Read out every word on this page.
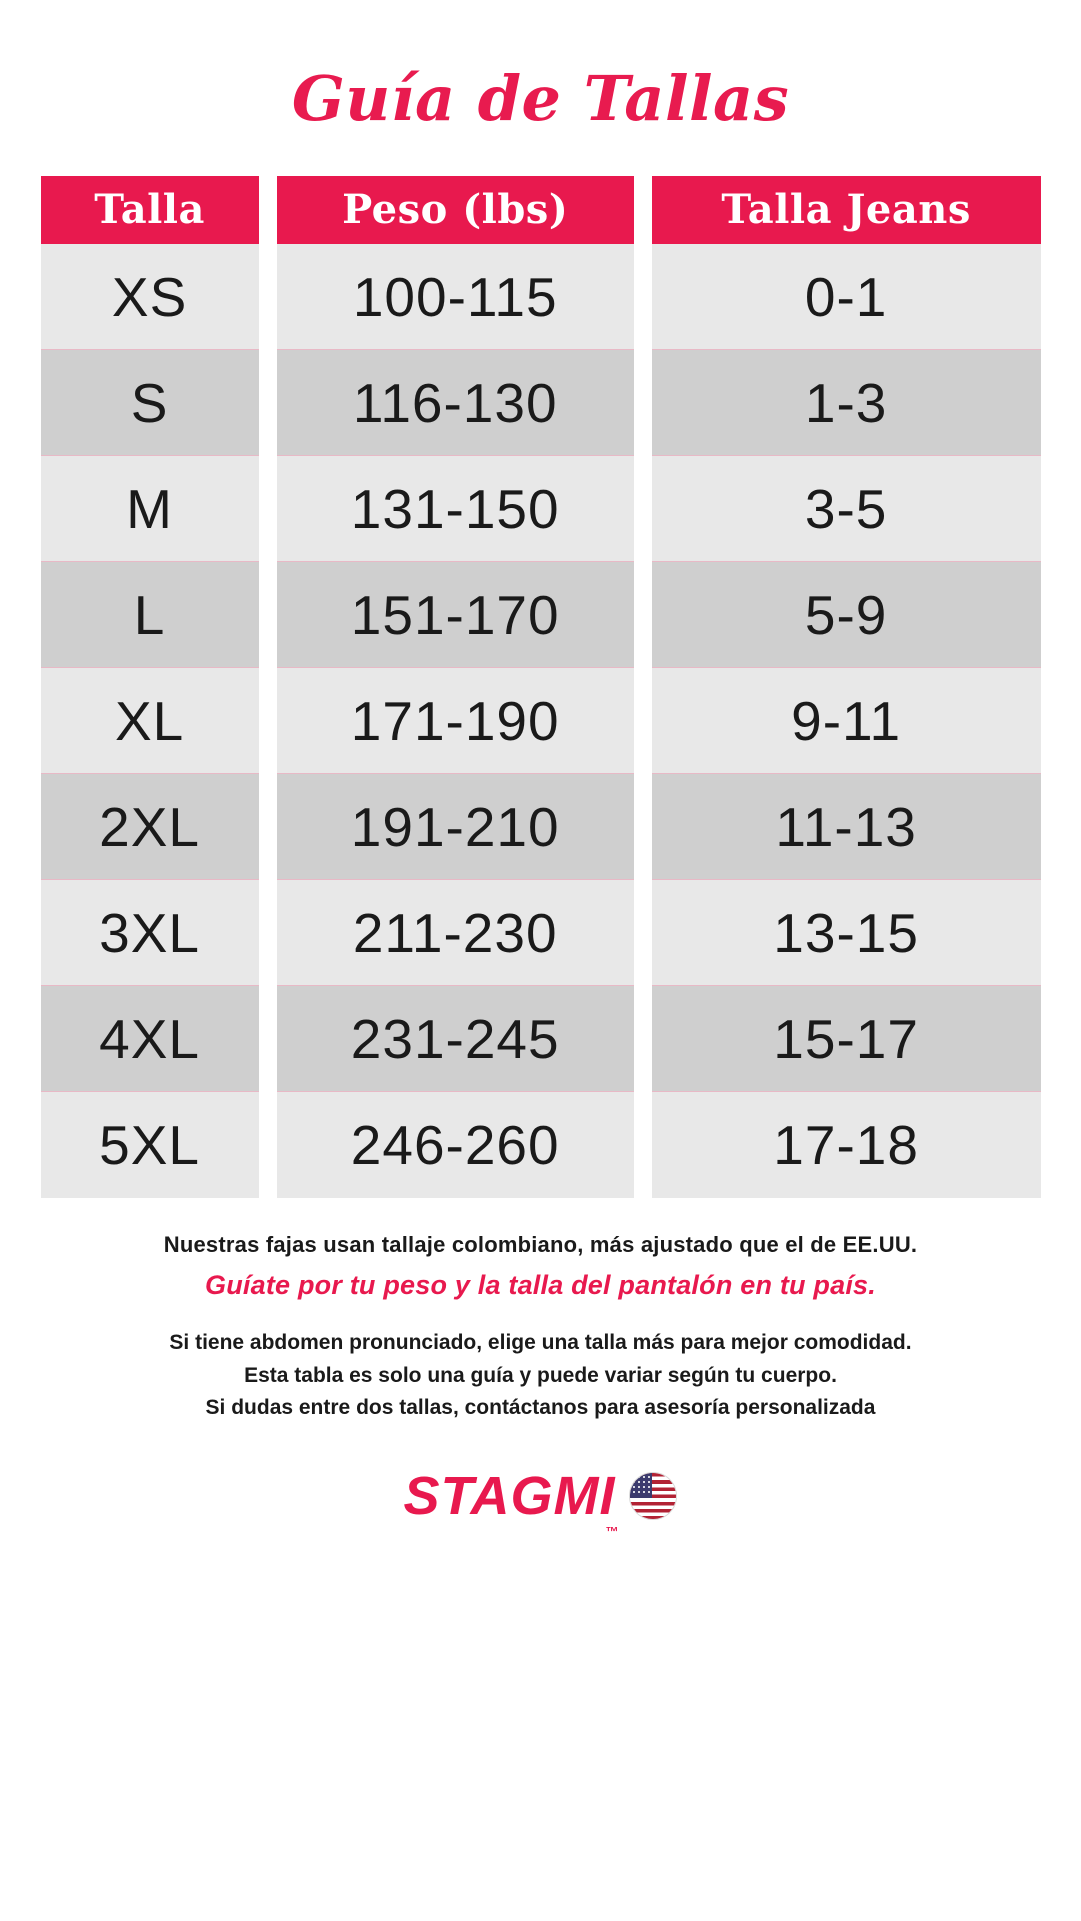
Guía de Tallas
Talla
XS
S
M
L
XL
2XL
3XL
4XL
5XL
Peso (lbs)
100-115
116-130
131-150
151-170
171-190
191-210
211-230
231-245
246-260
Talla Jeans
0-1
1-3
3-5
5-9
9-11
11-13
13-15
15-17
17-18
Nuestras fajas usan tallaje colombiano, más ajustado que el de EE.UU.
Guíate por tu peso y la talla del pantalón en tu país.
Si tiene abdomen pronunciado, elige una talla más para mejor comodidad.
Esta tabla es solo una guía y puede variar según tu cuerpo.
Si dudas entre dos tallas, contáctanos para asesoría personalizada
STAGMI
™
